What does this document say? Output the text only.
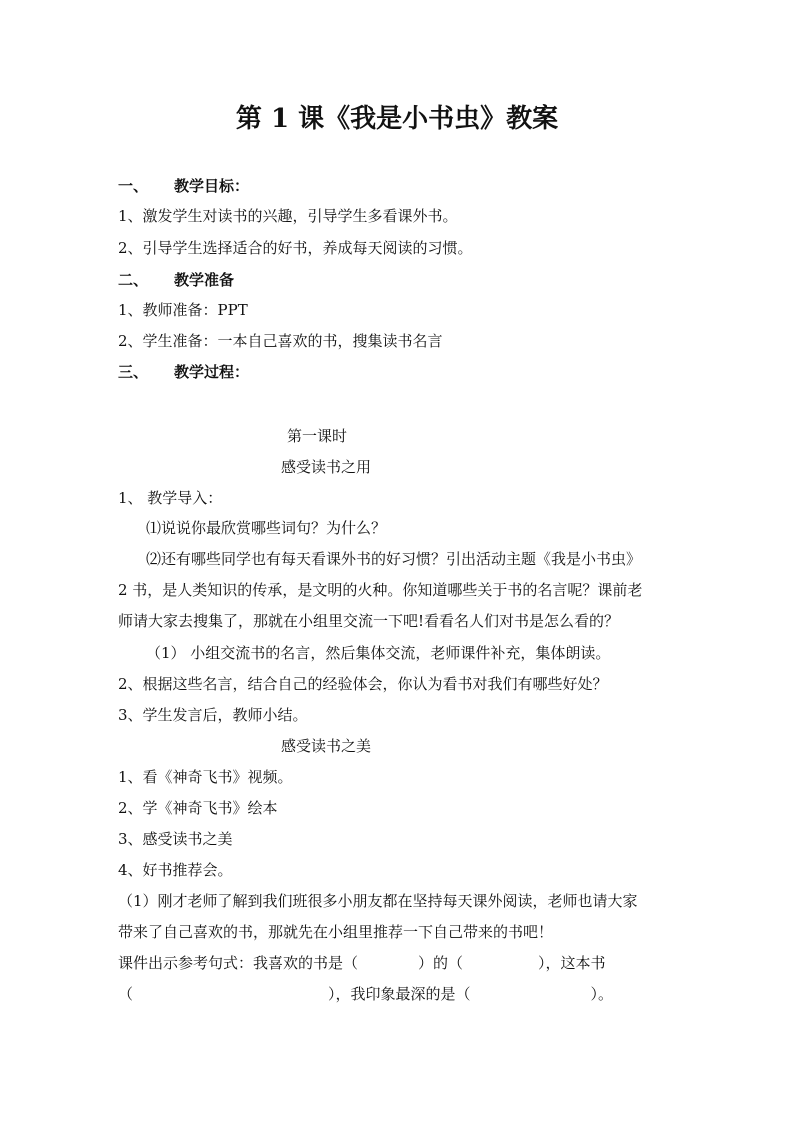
第 1 课《我是小书虫》教案
一、 教学目标：
1、激发学生对读书的兴趣，引导学生多看课外书。
2、引导学生选择适合的好书，养成每天阅读的习惯。
二、 教学准备
1、教师准备：PPT
2、学生准备：一本自己喜欢的书，搜集读书名言
三、 教学过程：
第一课时
感受读书之用
1、 教学导入：
⑴说说你最欣赏哪些词句？为什么？
⑵还有哪些同学也有每天看课外书的好习惯？引出活动主题《我是小书虫》
2 书，是人类知识的传承，是文明的火种。你知道哪些关于书的名言呢？课前老
师请大家去搜集了，那就在小组里交流一下吧!看看名人们对书是怎么看的？
（1） 小组交流书的名言，然后集体交流，老师课件补充，集体朗读。
2、根据这些名言，结合自己的经验体会，你认为看书对我们有哪些好处？
3、学生发言后，教师小结。
感受读书之美
1、看《神奇飞书》视频。
2、学《神奇飞书》绘本
3、感受读书之美
4、好书推荐会。
（1）刚才老师了解到我们班很多小朋友都在坚持每天课外阅读，老师也请大家
带来了自己喜欢的书，那就先在小组里推荐一下自己带来的书吧！
课件出示参考句式：我喜欢的书是（　　　　）的（　　　　　），这本书
（　　　　　　　　　　　　　），我印象最深的是（　　　　　　　　）。
